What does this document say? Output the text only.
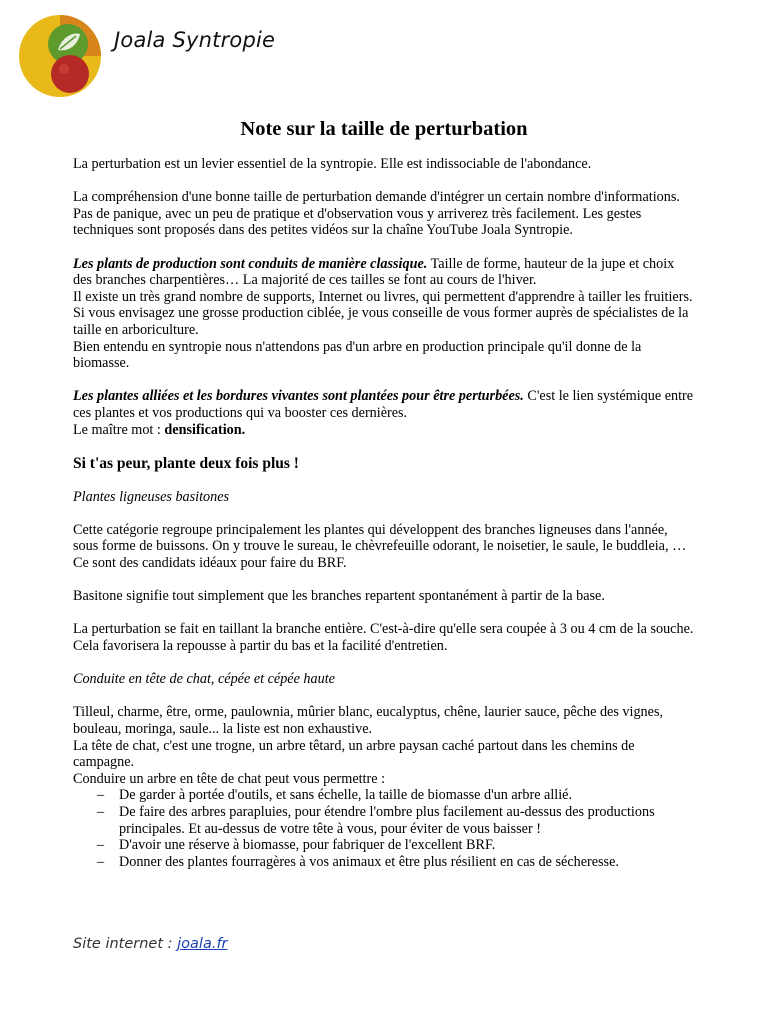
Joala Syntropie
Note sur la taille de perturbation

La perturbation est un levier essentiel de la syntropie. Elle est indissociable de l'abondance.

La compréhension d'une bonne taille de perturbation demande d'intégrer un certain nombre d'informations. Pas de panique, avec un peu de pratique et d'observation vous y arriverez très facilement. Les gestes techniques sont proposés dans des petites vidéos sur la chaîne YouTube Joala Syntropie.

Les plants de production sont conduits de manière classique. Taille de forme, hauteur de la jupe et choix des branches charpentières… La majorité de ces tailles se font au cours de l'hiver.
Il existe un très grand nombre de supports, Internet ou livres, qui permettent d'apprendre à tailler les fruitiers. Si vous envisagez une grosse production ciblée, je vous conseille de vous former auprès de spécialistes de la taille en arboriculture.
Bien entendu en syntropie nous n'attendons pas d'un arbre en production principale qu'il donne de la biomasse.

Les plantes alliées et les bordures vivantes sont plantées pour être perturbées. C'est le lien systémique entre ces plantes et vos productions qui va booster ces dernières.
Le maître mot : densification.

Si t'as peur, plante deux fois plus !
Plantes ligneuses basitones

Cette catégorie regroupe principalement les plantes qui développent des branches ligneuses dans l'année, sous forme de buissons. On y trouve le sureau, le chèvrefeuille odorant, le noisetier, le saule, le buddleia, …
Ce sont des candidats idéaux pour faire du BRF.

Basitone signifie tout simplement que les branches repartent spontanément à partir de la base.

La perturbation se fait en taillant la branche entière. C'est-à-dire qu'elle sera coupée à 3 ou 4 cm de la souche. Cela favorisera la repousse à partir du bas et la facilité d'entretien.

Conduite en tête de chat, cépée et cépée haute
Tilleul, charme, être, orme, paulownia, mûrier blanc, eucalyptus, chêne, laurier sauce, pêche des vignes, bouleau, moringa, saule... la liste est non exhaustive.
La tête de chat, c'est une trogne, un arbre têtard, un arbre paysan caché partout dans les chemins de campagne.
Conduire un arbre en tête de chat peut vous permettre :
– De garder à portée d'outils, et sans échelle, la taille de biomasse d'un arbre allié.
– De faire des arbres parapluies, pour étendre l'ombre plus facilement au-dessus des productions principales. Et au-dessus de votre tête à vous, pour éviter de vous baisser !
– D'avoir une réserve à biomasse, pour fabriquer de l'excellent BRF.
– Donner des plantes fourragères à vos animaux et être plus résilient en cas de sécheresse.
Site internet : joala.fr
